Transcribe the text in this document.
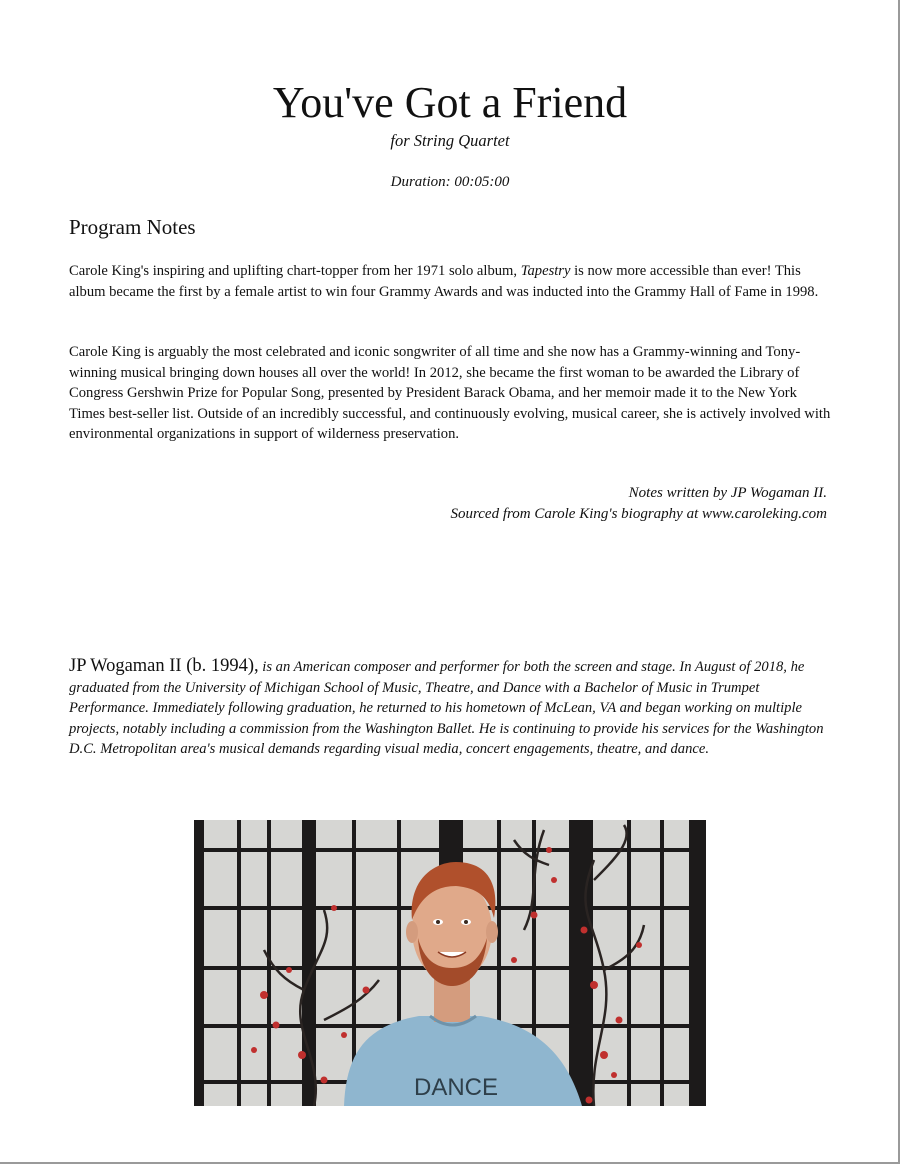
You've Got a Friend
for String Quartet
Duration: 00:05:00
Program Notes

Carole King's inspiring and uplifting chart-topper from her 1971 solo album, Tapestry is now more accessible than ever! This album became the first by a female artist to win four Grammy Awards and was inducted into the Grammy Hall of Fame in 1998.

Carole King is arguably the most celebrated and iconic songwriter of all time and she now has a Grammy-winning and Tony-winning musical bringing down houses all over the world! In 2012, she became the first woman to be awarded the Library of Congress Gershwin Prize for Popular Song, presented by President Barack Obama, and her memoir made it to the New York Times best-seller list. Outside of an incredibly successful, and continuously evolving, musical career, she is actively involved with environmental organizations in support of wilderness preservation.

Notes written by JP Wogaman II.
Sourced from Carole King's biography at www.caroleking.com

JP Wogaman II (b. 1994), is an American composer and performer for both the screen and stage. In August of 2018, he graduated from the University of Michigan School of Music, Theatre, and Dance with a Bachelor of Music in Trumpet Performance. Immediately following graduation, he returned to his hometown of McLean, VA and began working on multiple projects, notably including a commission from the Washington Ballet. He is continuing to provide his services for the Washington D.C. Metropolitan area's musical demands regarding visual media, concert engagements, theatre, and dance.

DANCE
